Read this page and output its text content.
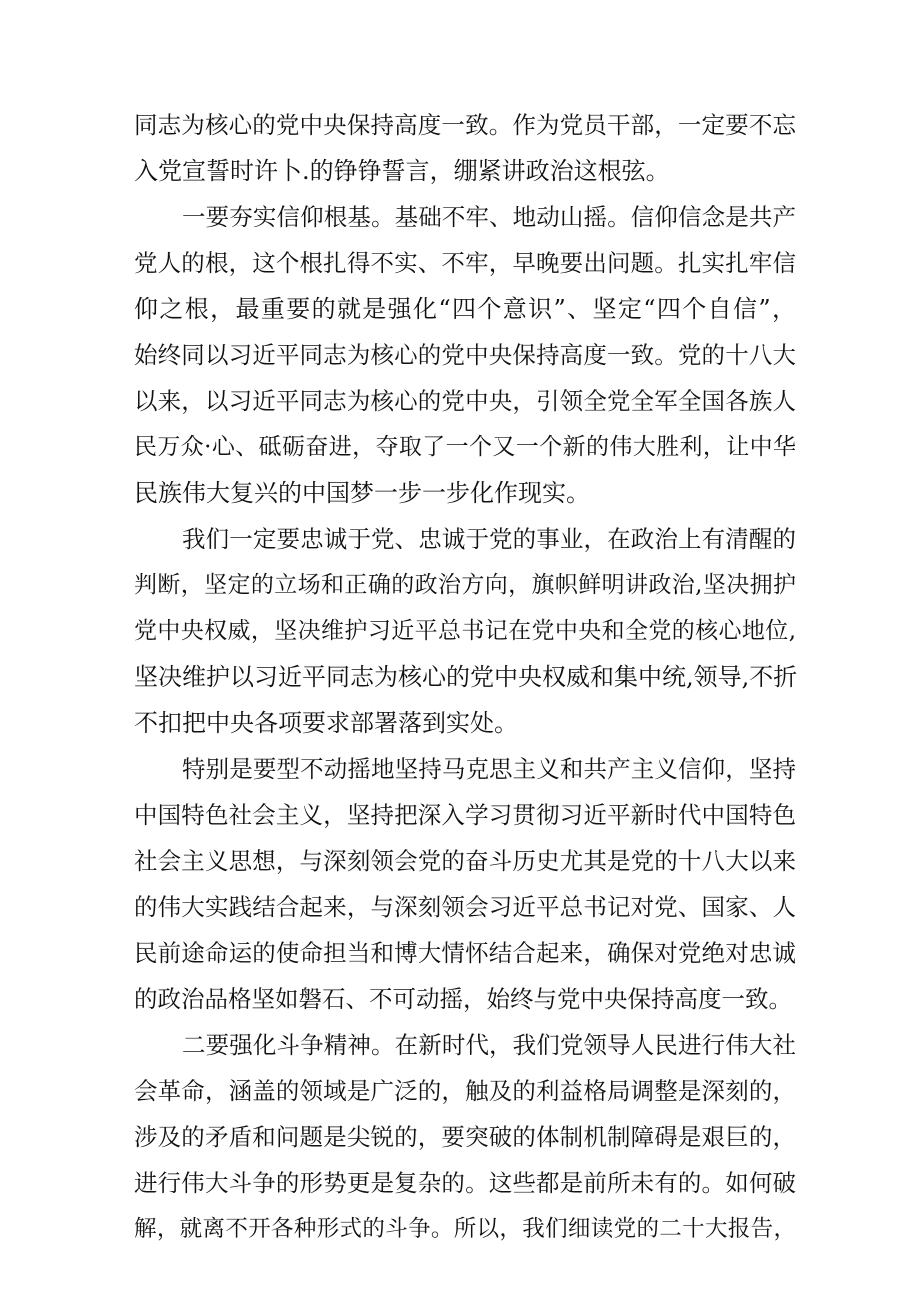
同志为核心的党中央保持高度一致。作为党员干部，一定要不忘
入党宣誓时许卜.的铮铮誓言，绷紧讲政治这根弦。
一要夯实信仰根基。基础不牢、地动山摇。信仰信念是共产
党人的根，这个根扎得不实、不牢，早晚要出问题。扎实扎牢信
仰之根，最重要的就是强化“四个意识”、坚定“四个自信”，
始终同以习近平同志为核心的党中央保持高度一致。党的十八大
以来，以习近平同志为核心的党中央，引领全党全军全国各族人
民万众·心、砥砺奋进，夺取了一个又一个新的伟大胜利，让中华
民族伟大复兴的中国梦一步一步化作现实。
我们一定要忠诚于党、忠诚于党的事业，在政治上有清醒的
判断，坚定的立场和正确的政治方向，旗帜鲜明讲政治,坚决拥护
党中央权威，坚决维护习近平总书记在党中央和全党的核心地位,
坚决维护以习近平同志为核心的党中央权威和集中统,领导,不折
不扣把中央各项要求部署落到实处。
特别是要型不动摇地坚持马克思主义和共产主义信仰，坚持
中国特色社会主义，坚持把深入学习贯彻习近平新时代中国特色
社会主义思想，与深刻领会党的奋斗历史尤其是党的十八大以来
的伟大实践结合起来，与深刻领会习近平总书记对党、国家、人
民前途命运的使命担当和博大情怀结合起来，确保对党绝对忠诚
的政治品格坚如磐石、不可动摇，始终与党中央保持高度一致。
二要强化斗争精神。在新时代，我们党领导人民进行伟大社
会革命，涵盖的领域是广泛的，触及的利益格局调整是深刻的，
涉及的矛盾和问题是尖锐的，要突破的体制机制障碍是艰巨的，
进行伟大斗争的形势更是复杂的。这些都是前所未有的。如何破
解，就离不开各种形式的斗争。所以，我们细读党的二十大报告，
